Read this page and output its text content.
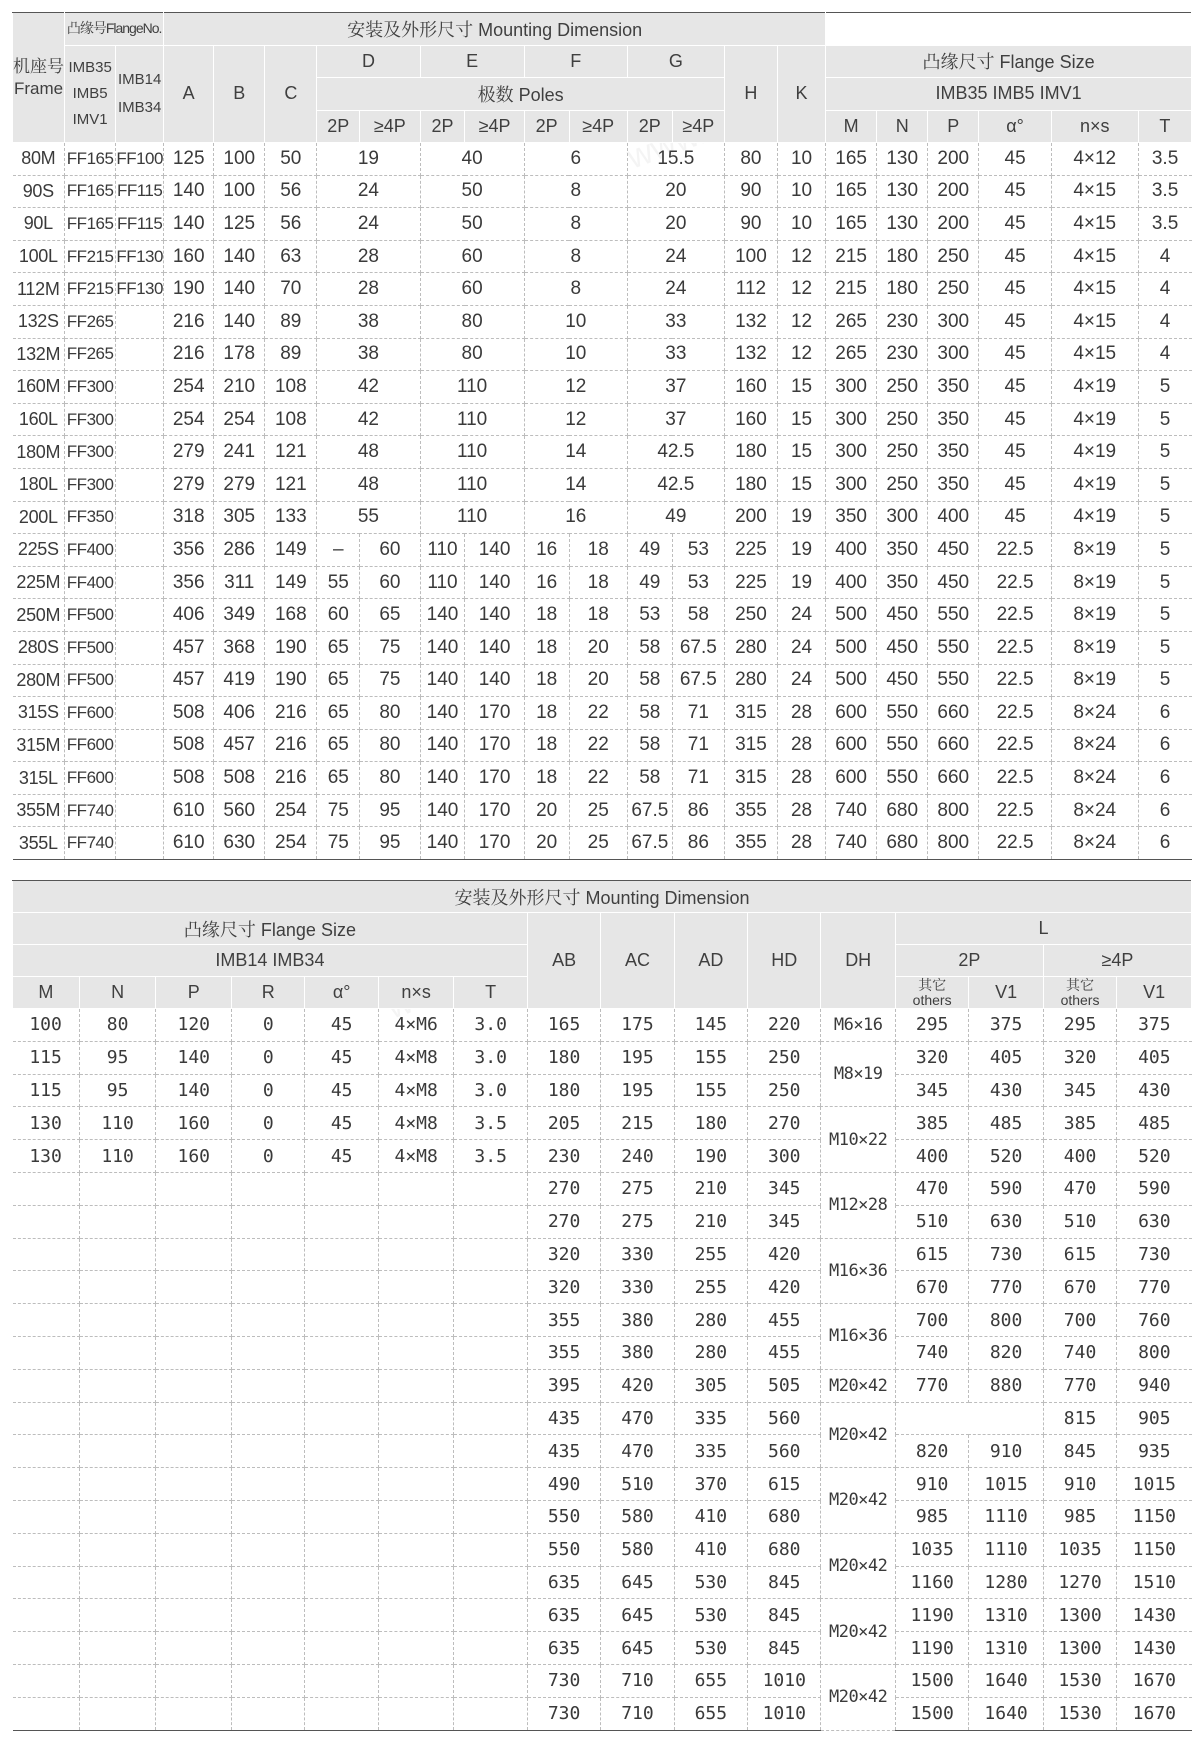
机座号Frame	凸缘号FlangeNo.		安装及外形尺寸 Mounting Dimension																		
	IMB35 IMB5 IMV1	IMB14 IMB34	A	B	C	D		E		F		G		H	K	凸缘尺寸 Flange Size					
						极数 Poles										IMB35 IMB5 IMV1					
						2P	≥4P	2P	≥4P	2P	≥4P	2P	≥4P			M	N	P	α°	n×s	T
80M	FF165	FF100	125	100	50	19		40		6		15.5		80	10	165	130	200	45	4×12	3.5
90S	FF165	FF115	140	100	56	24		50		8		20		90	10	165	130	200	45	4×15	3.5
90L	FF165	FF115	140	125	56	24		50		8		20		90	10	165	130	200	45	4×15	3.5
100L	FF215	FF130	160	140	63	28		60		8		24		100	12	215	180	250	45	4×15	4
112M	FF215	FF130	190	140	70	28		60		8		24		112	12	215	180	250	45	4×15	4
132S	FF265		216	140	89	38		80		10		33		132	12	265	230	300	45	4×15	4
132M	FF265		216	178	89	38		80		10		33		132	12	265	230	300	45	4×15	4
160M	FF300		254	210	108	42		110		12		37		160	15	300	250	350	45	4×19	5
160L	FF300		254	254	108	42		110		12		37		160	15	300	250	350	45	4×19	5
180M	FF300		279	241	121	48		110		14		42.5		180	15	300	250	350	45	4×19	5
180L	FF300		279	279	121	48		110		14		42.5		180	15	300	250	350	45	4×19	5
200L	FF350		318	305	133	55		110		16		49		200	19	350	300	400	45	4×19	5
225S	FF400		356	286	149	–	60	110	140	16	18	49	53	225	19	400	350	450	22.5	8×19	5
225M	FF400		356	311	149	55	60	110	140	16	18	49	53	225	19	400	350	450	22.5	8×19	5
250M	FF500		406	349	168	60	65	140	140	18	18	53	58	250	24	500	450	550	22.5	8×19	5
280S	FF500		457	368	190	65	75	140	140	18	20	58	67.5	280	24	500	450	550	22.5	8×19	5
280M	FF500		457	419	190	65	75	140	140	18	20	58	67.5	280	24	500	450	550	22.5	8×19	5
315S	FF600		508	406	216	65	80	140	170	18	22	58	71	315	28	600	550	660	22.5	8×24	6
315M	FF600		508	457	216	65	80	140	170	18	22	58	71	315	28	600	550	660	22.5	8×24	6
315L	FF600		508	508	216	65	80	140	170	18	22	58	71	315	28	600	550	660	22.5	8×24	6
355M	FF740		610	560	254	75	95	140	170	20	25	67.5	86	355	28	740	680	800	22.5	8×24	6
355L	FF740		610	630	254	75	95	140	170	20	25	67.5	86	355	28	740	680	800	22.5	8×24	6
安装及外形尺寸 Mounting Dimension															
凸缘尺寸 Flange Size							AB	AC	AD	HD	DH	L			
IMB14 IMB34												2P		≥4P	
M	N	P	R	α°	n×s	T						其它
others	V1	其它
others	V1
100	80	120	0	45	4×M6	3.0	165	175	145	220	M6×16	295	375	295	375
115	95	140	0	45	4×M8	3.0	180	195	155	250	M8×19	320	405	320	405
115	95	140	0	45	4×M8	3.0	180	195	155	250		345	430	345	430
130	110	160	0	45	4×M8	3.5	205	215	180	270	M10×22	385	485	385	485
130	110	160	0	45	4×M8	3.5	230	240	190	300		400	520	400	520
							270	275	210	345	M12×28	470	590	470	590
							270	275	210	345		510	630	510	630
							320	330	255	420	M16×36	615	730	615	730
							320	330	255	420		670	770	670	770
							355	380	280	455	M16×36	700	800	700	760
							355	380	280	455		740	820	740	800
							395	420	305	505	M20×42	770	880	770	940
							435	470	335	560	M20×42			815	905
							435	470	335	560		820	910	845	935
							490	510	370	615	M20×42	910	1015	910	1015
							550	580	410	680		985	1110	985	1150
							550	580	410	680	M20×42	1035	1110	1035	1150
							635	645	530	845		1160	1280	1270	1510
							635	645	530	845	M20×42	1190	1310	1300	1430
							635	645	530	845		1190	1310	1300	1430
							730	710	655	1010	M20×42	1500	1640	1530	1670
							730	710	655	1010		1500	1640	1530	1670
